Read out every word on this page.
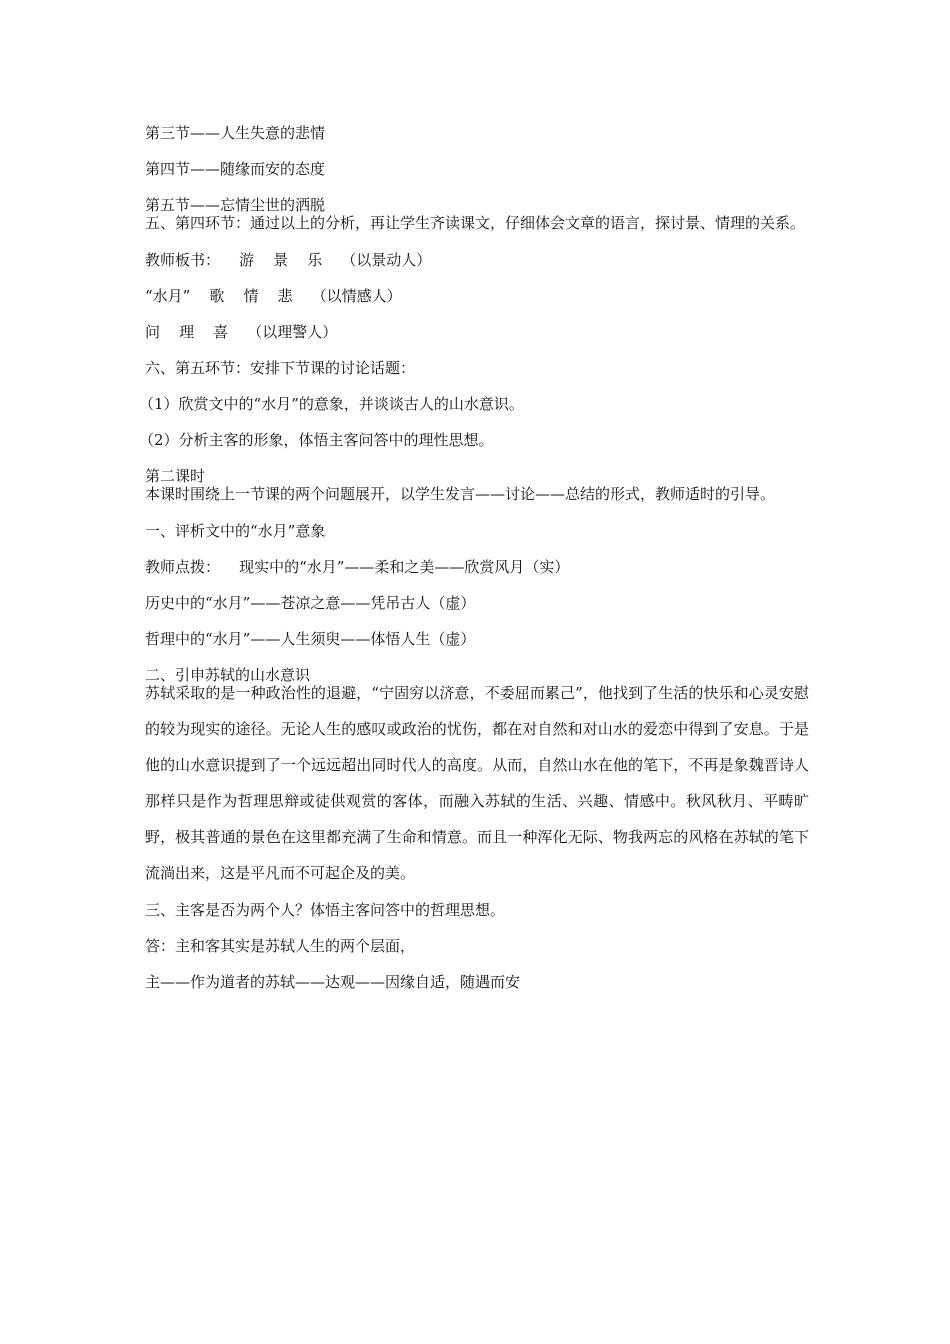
第三节——人生失意的悲情
第四节——随缘而安的态度
第五节——忘情尘世的洒脱
五、第四环节：通过以上的分析，再让学生齐读课文，仔细体会文章的语言，探讨景、情理的关系。
教师板书：    游    景    乐    （以景动人）
“水月”    歌    情    悲    （以情感人）
问    理    喜    （以理警人）
六、第五环节：安排下节课的讨论话题：
（1）欣赏文中的“水月”的意象，并谈谈古人的山水意识。
（2）分析主客的形象，体悟主客问答中的理性思想。
第二课时
本课时围绕上一节课的两个问题展开，以学生发言——讨论——总结的形式，教师适时的引导。
一、评析文中的“水月”意象
教师点拨：    现实中的“水月”——柔和之美——欣赏风月（实）
历史中的“水月”——苍凉之意——凭吊古人（虚）
哲理中的“水月”——人生须臾——体悟人生（虚）
二、引申苏轼的山水意识
苏轼采取的是一种政治性的退避，“宁固穷以济意，不委屈而累己”，他找到了生活的快乐和心灵安慰的较为现实的途径。无论人生的感叹或政治的忧伤，都在对自然和对山水的爱恋中得到了安息。于是他的山水意识提到了一个远远超出同时代人的高度。从而，自然山水在他的笔下，不再是象魏晋诗人那样只是作为哲理思辩或徒供观赏的客体，而融入苏轼的生活、兴趣、情感中。秋风秋月、平畴旷野，极其普通的景色在这里都充满了生命和情意。而且一种浑化无际、物我两忘的风格在苏轼的笔下流淌出来，这是平凡而不可起企及的美。
三、主客是否为两个人？体悟主客问答中的哲理思想。
答：主和客其实是苏轼人生的两个层面，
主——作为道者的苏轼——达观——因缘自适，随遇而安
